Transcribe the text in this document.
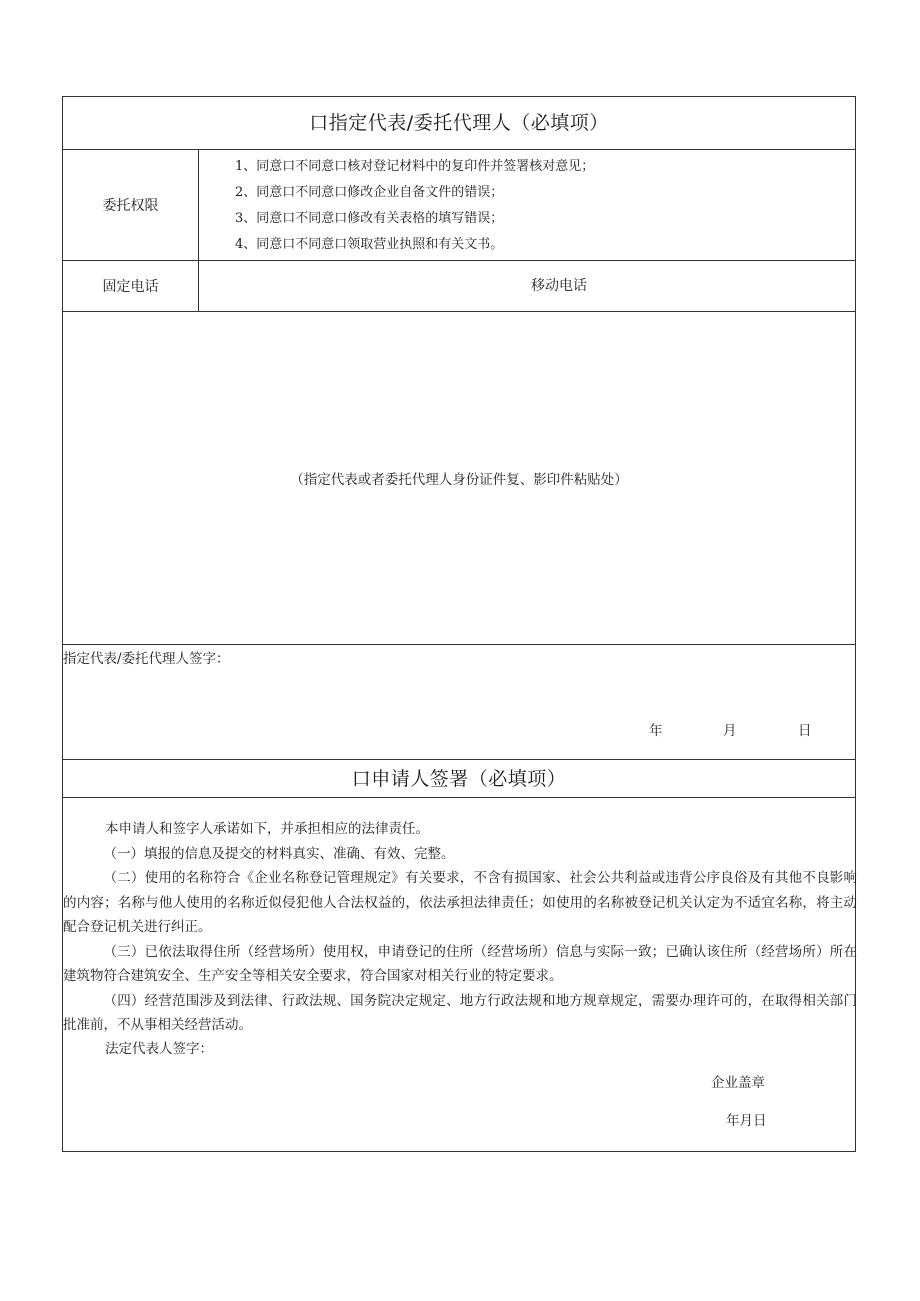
口指定代表/委托代理人（必填项）
委托权限
1、同意口不同意口核对登记材料中的复印件并签署核对意见；
2、同意口不同意口修改企业自备文件的错误；
3、同意口不同意口修改有关表格的填写错误；
4、同意口不同意口领取营业执照和有关文书。
固定电话	移动电话
（指定代表或者委托代理人身份证件复、影印件粘贴处）
指定代表/委托代理人签字：
年	月	日
口申请人签署（必填项）

本申请人和签字人承诺如下，并承担相应的法律责任。

（一）填报的信息及提交的材料真实、准确、有效、完整。

（二）使用的名称符合《企业名称登记管理规定》有关要求，不含有损国家、社会公共利益或违背公序良俗及有其他不良影响的内容；名称与他人使用的名称近似侵犯他人合法权益的，依法承担法律责任；如使用的名称被登记机关认定为不适宜名称，将主动配合登记机关进行纠正。

（三）已依法取得住所（经营场所）使用权，申请登记的住所（经营场所）信息与实际一致；已确认该住所（经营场所）所在建筑物符合建筑安全、生产安全等相关安全要求，符合国家对相关行业的特定要求。

（四）经营范围涉及到法律、行政法规、国务院决定规定、地方行政法规和地方规章规定，需要办理许可的，在取得相关部门批准前，不从事相关经营活动。

法定代表人签字：
企业盖章
年月日
